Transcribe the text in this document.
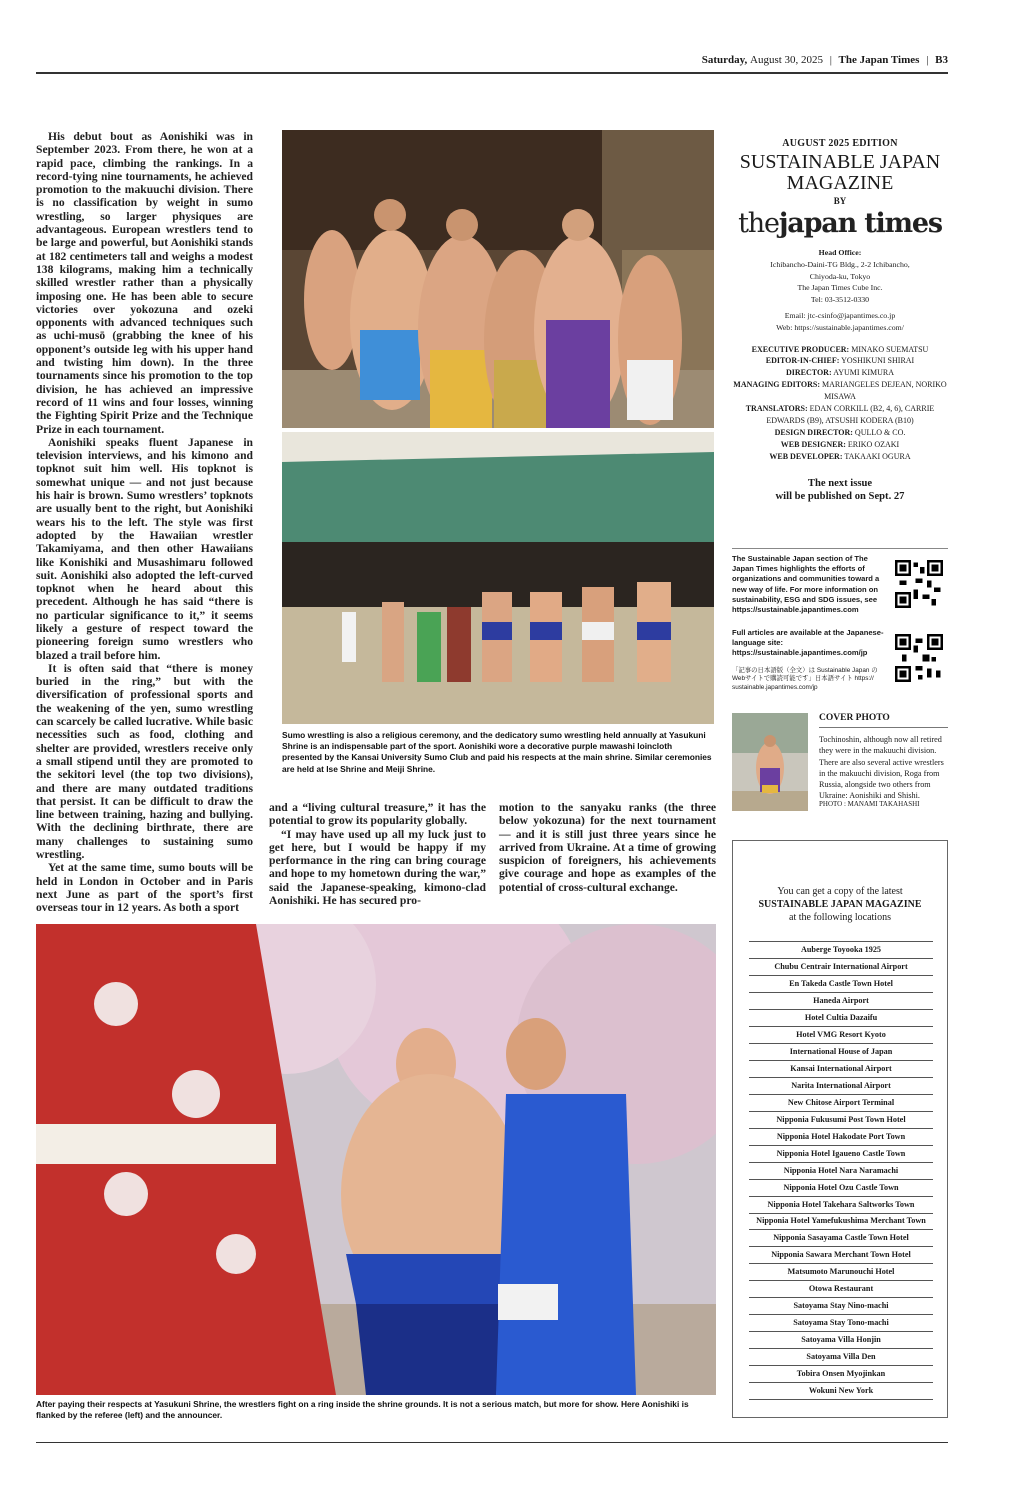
Saturday, August 30, 2025 | The Japan Times | B3

His debut bout as Aonishiki was in September 2023. From there, he won at a rapid pace, climbing the rankings. In a record-tying nine tournaments, he achieved promotion to the makuuchi division. There is no classification by weight in sumo wrestling, so larger physiques are advantageous. European wrestlers tend to be large and powerful, but Aonishiki stands at 182 centimeters tall and weighs a modest 138 kilograms, making him a technically skilled wrestler rather than a physically imposing one. He has been able to secure victories over yokozuna and ozeki opponents with advanced techniques such as uchi-musō (grabbing the knee of his opponent’s outside leg with his upper hand and twisting him down). In the three tournaments since his promotion to the top division, he has achieved an impressive record of 11 wins and four losses, winning the Fighting Spirit Prize and the Technique Prize in each tournament.

Aonishiki speaks fluent Japanese in television interviews, and his kimono and topknot suit him well. His topknot is somewhat unique — and not just because his hair is brown. Sumo wrestlers’ topknots are usually bent to the right, but Aonishiki wears his to the left. The style was first adopted by the Hawaiian wrestler Takamiyama, and then other Hawaiians like Konishiki and Musashimaru followed suit. Aonishiki also adopted the left-curved topknot when he heard about this precedent. Although he has said “there is no particular significance to it,” it seems likely a gesture of respect toward the pioneering foreign sumo wrestlers who blazed a trail before him.

It is often said that “there is money buried in the ring,” but with the diversification of professional sports and the weakening of the yen, sumo wrestling can scarcely be called lucrative. While basic necessities such as food, clothing and shelter are provided, wrestlers receive only a small stipend until they are promoted to the sekitori level (the top two divisions), and there are many outdated traditions that persist. It can be difficult to draw the line between training, hazing and bullying. With the declining birthrate, there are many challenges to sustaining sumo wrestling.

Yet at the same time, sumo bouts will be held in London in October and in Paris next June as part of the sport’s first overseas tour in 12 years. As both a sport

Sumo wrestling is also a religious ceremony, and the dedicatory sumo wrestling held annually at Yasukuni Shrine is an indispensable part of the sport. Aonishiki wore a decorative purple mawashi loincloth presented by the Kansai University Sumo Club and paid his respects at the main shrine. Similar ceremonies are held at Ise Shrine and Meiji Shrine.

and a “living cultural treasure,” it has the potential to grow its popularity globally.

“I may have used up all my luck just to get here, but I would be happy if my performance in the ring can bring courage and hope to my hometown during the war,” said the Japanese-speaking, kimono-clad Aonishiki. He has secured pro-

motion to the sanyaku ranks (the three below yokozuna) for the next tournament — and it is still just three years since he arrived from Ukraine. At a time of growing suspicion of foreigners, his achievements give courage and hope as examples of the potential of cross-cultural exchange.

After paying their respects at Yasukuni Shrine, the wrestlers fight on a ring inside the shrine grounds. It is not a serious match, but more for show. Here Aonishiki is flanked by the referee (left) and the announcer.
AUGUST 2025 EDITION
SUSTAINABLE JAPAN
MAGAZINE
BY
thejapan times
Head Office:
Ichibancho-Daini-TG Bldg., 2-2 Ichibancho,
Chiyoda-ku, Tokyo
The Japan Times Cube Inc.
Tel: 03-3512-0330
Email: jtc-csinfo@japantimes.co.jp
Web: https://sustainable.japantimes.com/
EXECUTIVE PRODUCER: MINAKO SUEMATSU
EDITOR-IN-CHIEF: YOSHIKUNI SHIRAI
DIRECTOR: AYUMI KIMURA
MANAGING EDITORS: MARIANGELES DEJEAN, NORIKO MISAWA
TRANSLATORS: EDAN CORKILL (B2, 4, 6), CARRIE EDWARDS (B9), ATSUSHI KODERA (B10)
DESIGN DIRECTOR: QULLO & CO.
WEB DESIGNER: ERIKO OZAKI
WEB DEVELOPER: TAKAAKI OGURA
The next issue
will be published on Sept. 27
The Sustainable Japan section of The Japan Times highlights the efforts of organizations and communities toward a new way of life. For more information on sustainability, ESG and SDG issues, see https://sustainable.japantimes.com
Full articles are available at the Japanese-language site: https://sustainable.japantimes.com/jp
「記事の日本語版（全文）は Sustainable Japan の Webサイトで購読可能です」日本語サイト https:// sustainable.japantimes.com/jp
COVER PHOTO
Tochinoshin, although now all retired they were in the makuuchi division. There are also several active wrestlers in the makuuchi division, Roga from Russia, alongside two others from Ukraine: Aonishiki and Shishi.
PHOTO : MANAMI TAKAHASHI
You can get a copy of the latest
SUSTAINABLE JAPAN MAGAZINE
at the following locations
Auberge Toyooka 1925
Chubu Centrair International Airport
En Takeda Castle Town Hotel
Haneda Airport
Hotel Cultia Dazaifu
Hotel VMG Resort Kyoto
International House of Japan
Kansai International Airport
Narita International Airport
New Chitose Airport Terminal
Nipponia Fukusumi Post Town Hotel
Nipponia Hotel Hakodate Port Town
Nipponia Hotel Igaueno Castle Town
Nipponia Hotel Nara Naramachi
Nipponia Hotel Ozu Castle Town
Nipponia Hotel Takehara Saltworks Town
Nipponia Hotel Yamefukushima Merchant Town
Nipponia Sasayama Castle Town Hotel
Nipponia Sawara Merchant Town Hotel
Matsumoto Marunouchi Hotel
Otowa Restaurant
Satoyama Stay Nino-machi
Satoyama Stay Tono-machi
Satoyama Villa Honjin
Satoyama Villa Den
Tobira Onsen Myojinkan
Wokuni New York
